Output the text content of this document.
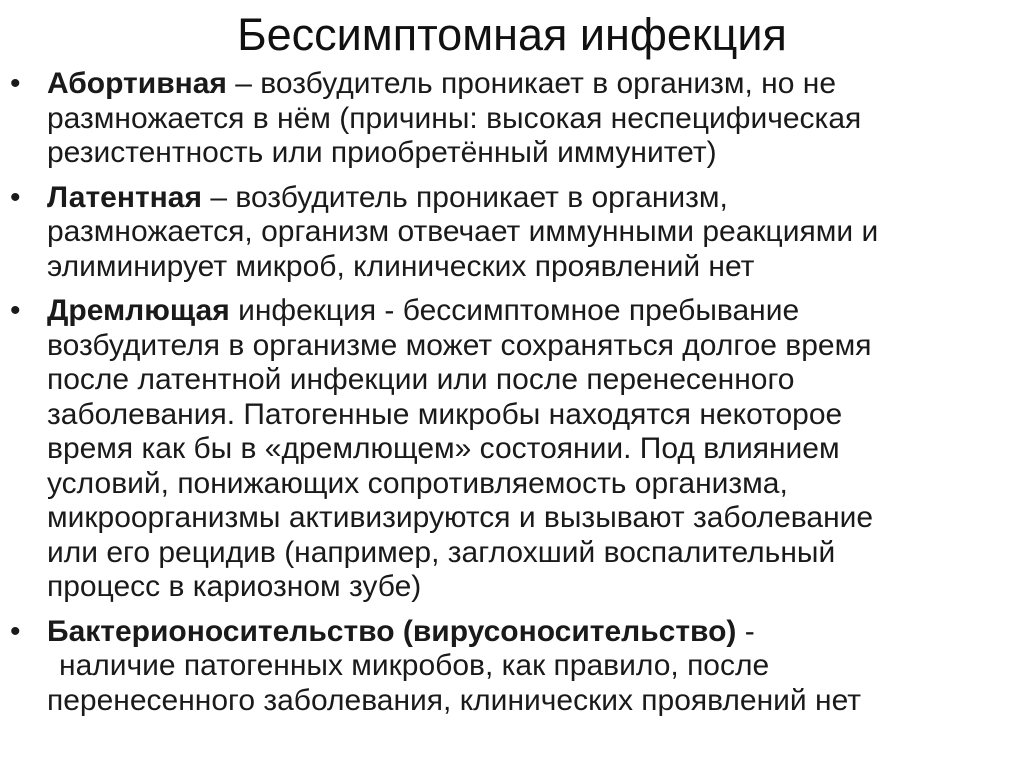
Бессимптомная инфекция
• Абортивная – возбудитель проникает в организм, но не
размножается в нём (причины: высокая неспецифическая
резистентность или приобретённый иммунитет)
• Латентная – возбудитель проникает в организм,
размножается, организм отвечает иммунными реакциями и
элиминирует микроб, клинических проявлений нет
• Дремлющая инфекция - бессимптомное пребывание
возбудителя в организме может сохраняться долгое время
после латентной инфекции или после перенесенного
заболевания. Патогенные микробы находятся некоторое
время как бы в «дремлющем» состоянии. Под влиянием
условий, понижающих сопротивляемость организма,
микроорганизмы активизируются и вызывают заболевание
или его рецидив (например, заглохший воспалительный
процесс в кариозном зубе)
• Бактерионосительство (вирусоносительство) -
наличие патогенных микробов, как правило, после
перенесенного заболевания, клинических проявлений нет
